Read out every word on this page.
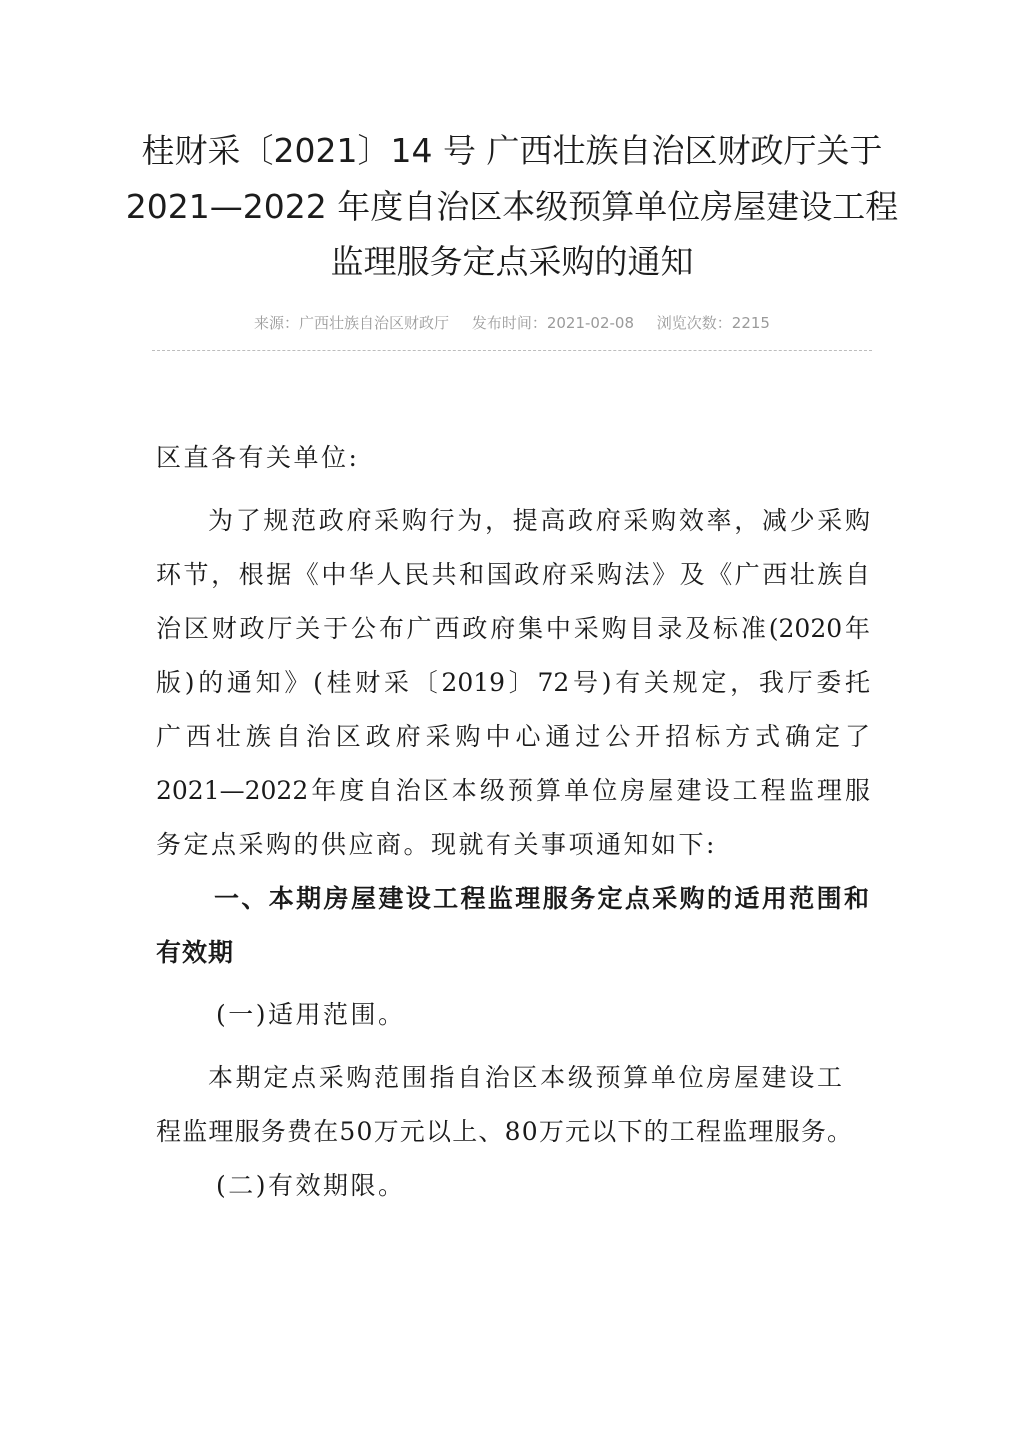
桂财采〔2021〕14 号 广西壮族自治区财政厅关于
2021—2022 年度自治区本级预算单位房屋建设工程
监理服务定点采购的通知
来源：广西壮族自治区财政厅 发布时间：2021-02-08 浏览次数：2215

区直各有关单位:

为了规范政府采购行为，提高政府采购效率，减少采购

环节，根据《中华人民共和国政府采购法》及《广西壮族自

治区财政厅关于公布广西政府集中采购目录及标准(2020年

版)的通知》(桂财采〔2019〕72号)有关规定，我厅委托

广西壮族自治区政府采购中心通过公开招标方式确定了

2021—2022年度自治区本级预算单位房屋建设工程监理服

务定点采购的供应商。现就有关事项通知如下:

一、本期房屋建设工程监理服务定点采购的适用范围和

有效期

(一)适用范围。

本期定点采购范围指自治区本级预算单位房屋建设工

程监理服务费在50万元以上、80万元以下的工程监理服务。

(二)有效期限。
